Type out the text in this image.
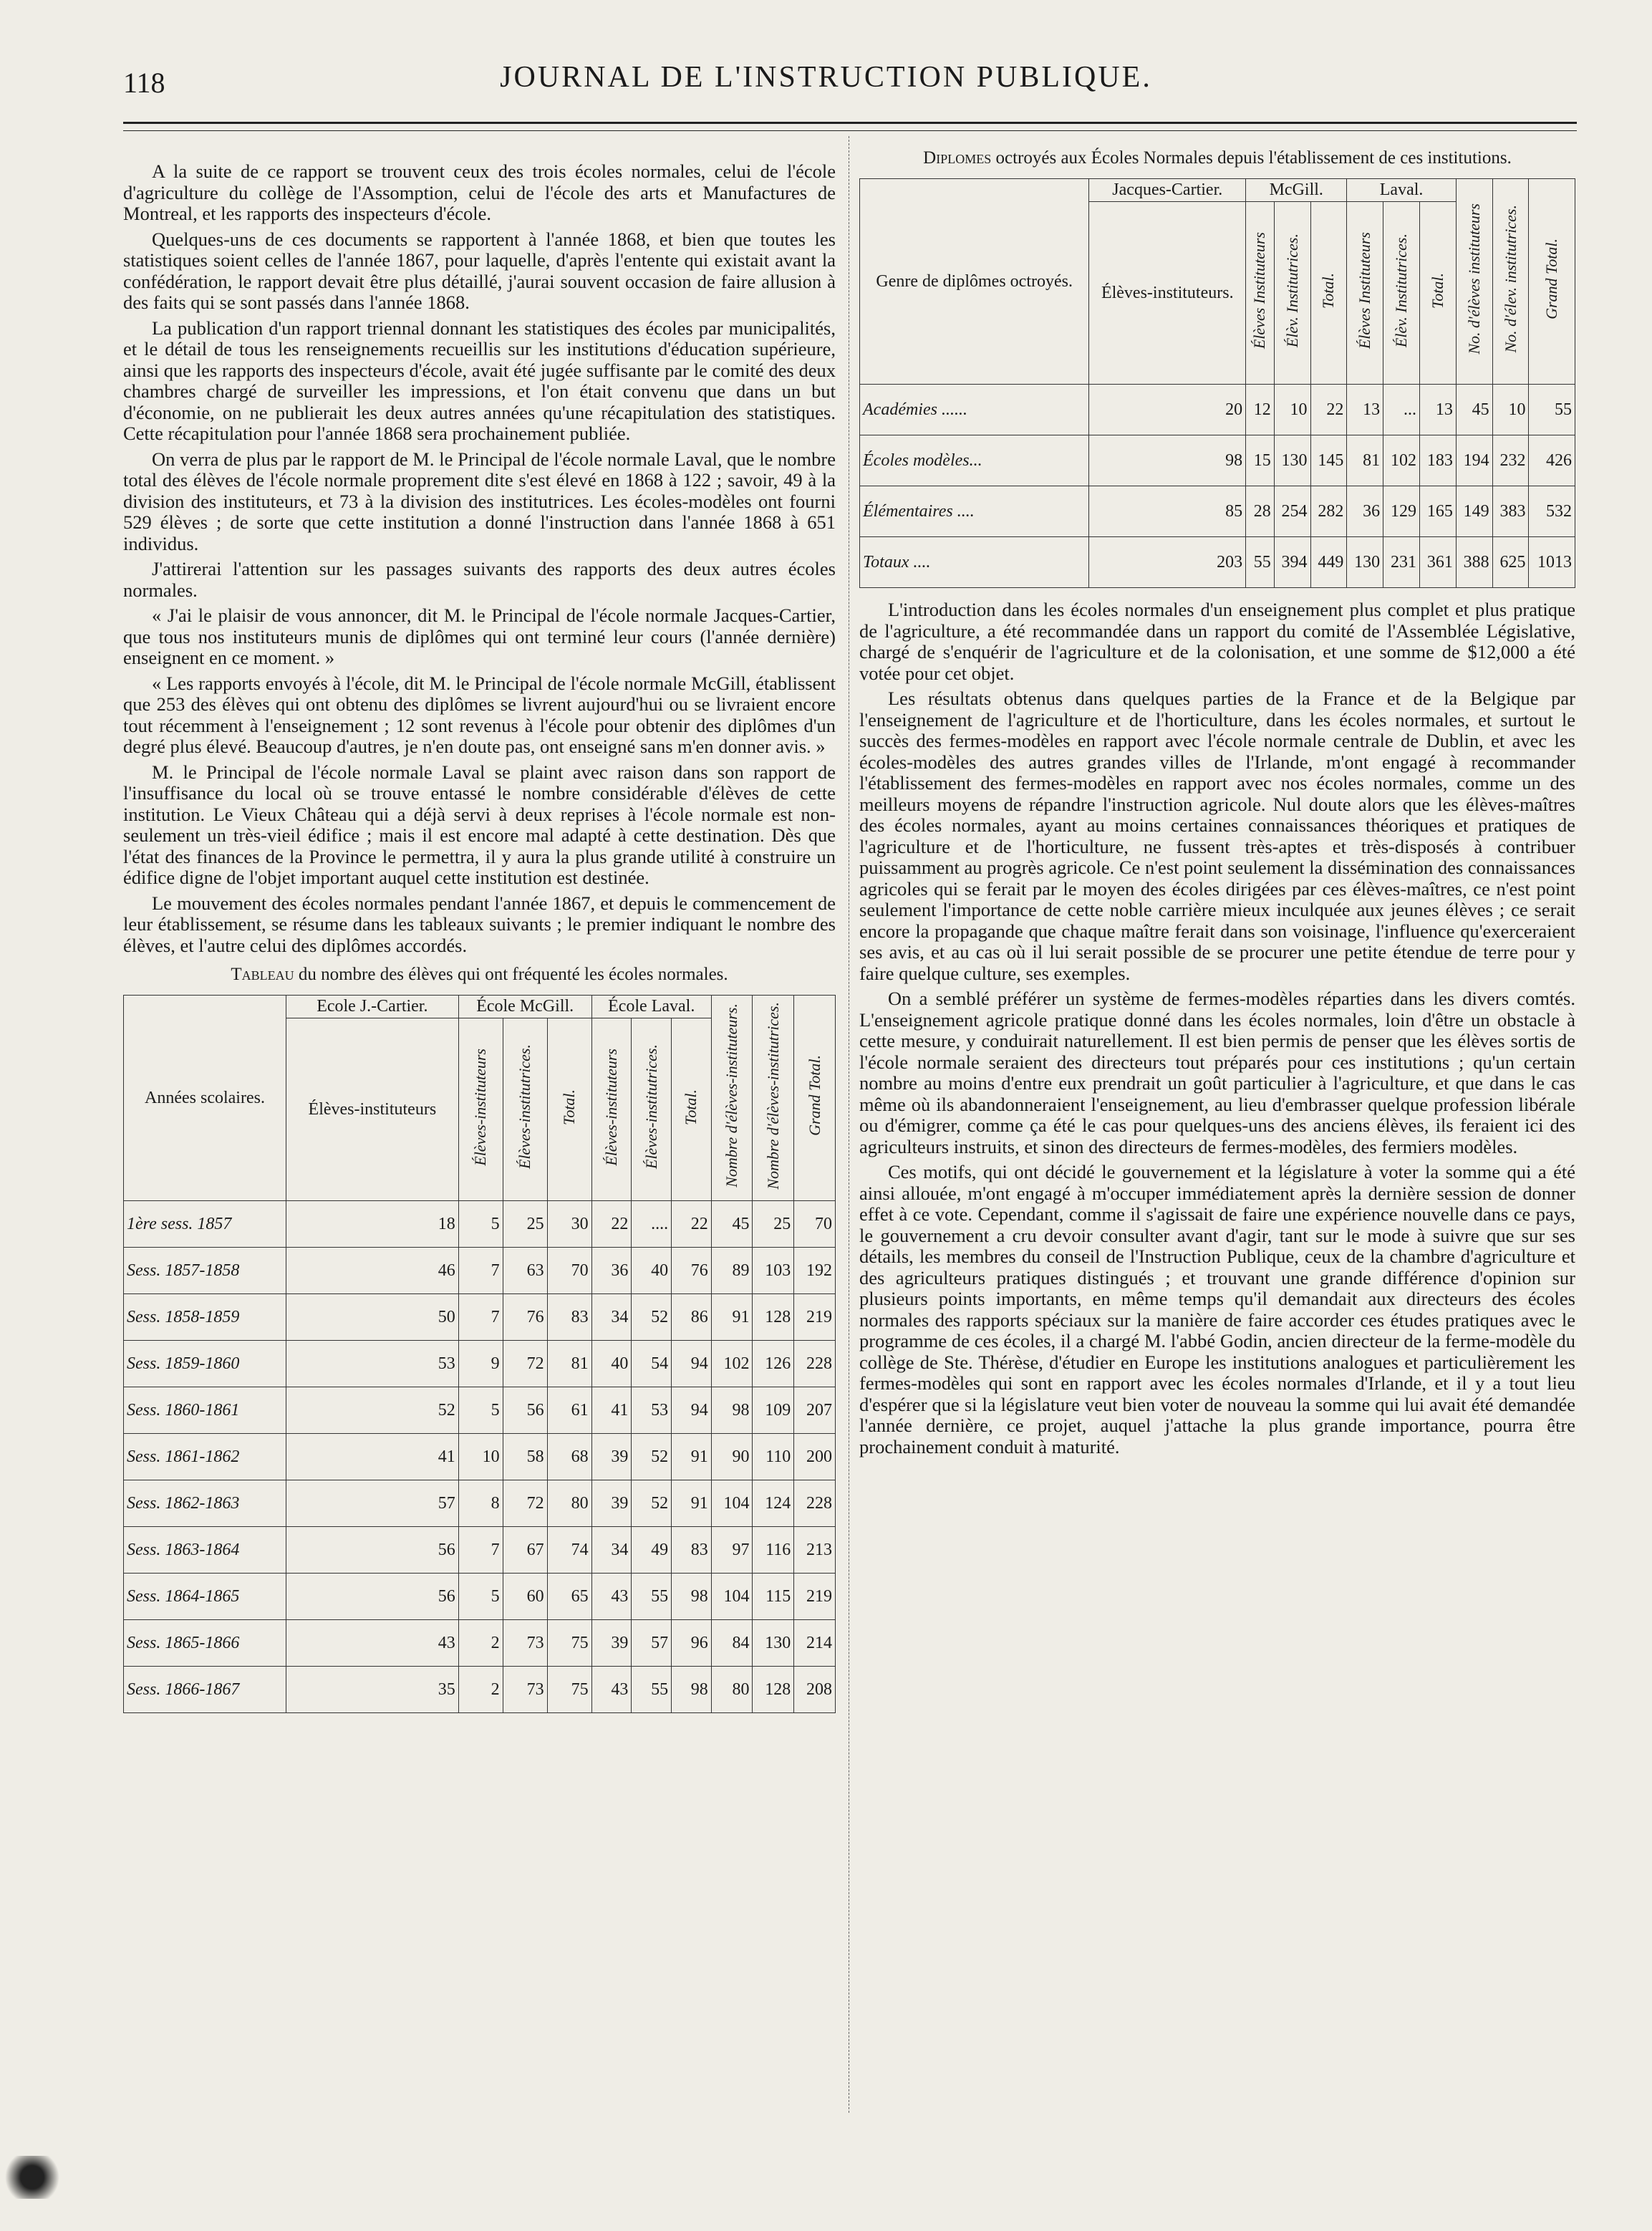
118	JOURNAL DE L'INSTRUCTION PUBLIQUE.

A la suite de ce rapport se trouvent ceux des trois écoles normales, celui de l'école d'agriculture du collège de l'Assomption, celui de l'école des arts et Manufactures de Montreal, et les rapports des inspecteurs d'école.

Quelques-uns de ces documents se rapportent à l'année 1868, et bien que toutes les statistiques soient celles de l'année 1867, pour laquelle, d'après l'entente qui existait avant la confédération, le rapport devait être plus détaillé, j'aurai souvent occasion de faire allusion à des faits qui se sont passés dans l'année 1868.

La publication d'un rapport triennal donnant les statistiques des écoles par municipalités, et le détail de tous les renseignements recueillis sur les institutions d'éducation supérieure, ainsi que les rapports des inspecteurs d'école, avait été jugée suffisante par le comité des deux chambres chargé de surveiller les impressions, et l'on était convenu que dans un but d'économie, on ne publierait les deux autres années qu'une récapitulation des statistiques. Cette récapitulation pour l'année 1868 sera prochainement publiée.

On verra de plus par le rapport de M. le Principal de l'école normale Laval, que le nombre total des élèves de l'école normale proprement dite s'est élevé en 1868 à 122 ; savoir, 49 à la division des instituteurs, et 73 à la division des institutrices. Les écoles-modèles ont fourni 529 élèves ; de sorte que cette institution a donné l'instruction dans l'année 1868 à 651 individus.

J'attirerai l'attention sur les passages suivants des rapports des deux autres écoles normales.

« J'ai le plaisir de vous annoncer, dit M. le Principal de l'école normale Jacques-Cartier, que tous nos instituteurs munis de diplômes qui ont terminé leur cours (l'année dernière) enseignent en ce moment. »

« Les rapports envoyés à l'école, dit M. le Principal de l'école normale McGill, établissent que 253 des élèves qui ont obtenu des diplômes se livrent aujourd'hui ou se livraient encore tout récemment à l'enseignement ; 12 sont revenus à l'école pour obtenir des diplômes d'un degré plus élevé. Beaucoup d'autres, je n'en doute pas, ont enseigné sans m'en donner avis. »

M. le Principal de l'école normale Laval se plaint avec raison dans son rapport de l'insuffisance du local où se trouve entassé le nombre considérable d'élèves de cette institution. Le Vieux Château qui a déjà servi à deux reprises à l'école normale est non-seulement un très-vieil édifice ; mais il est encore mal adapté à cette destination. Dès que l'état des finances de la Province le permettra, il y aura la plus grande utilité à construire un édifice digne de l'objet important auquel cette institution est destinée.

Le mouvement des écoles normales pendant l'année 1867, et depuis le commencement de leur établissement, se résume dans les tableaux suivants ; le premier indiquant le nombre des élèves, et l'autre celui des diplômes accordés.

Tableau du nombre des élèves qui ont fréquenté les écoles normales.
Années scolaires.	Ecole J.-Cartier.	École McGill.			École Laval.			Nombre d'élèves-instituteurs.	Nombre d'élèves-institutrices.	Grand Total.
	Élèves-instituteurs	Élèves-instituteurs	Élèves-institutrices.	Total.	Élèves-instituteurs	Élèves-institutrices.	Total.			
1ère sess. 1857	18	5	25	30	22	....	22	45	25	70
Sess. 1857-1858	46	7	63	70	36	40	76	89	103	192
Sess. 1858-1859	50	7	76	83	34	52	86	91	128	219
Sess. 1859-1860	53	9	72	81	40	54	94	102	126	228
Sess. 1860-1861	52	5	56	61	41	53	94	98	109	207
Sess. 1861-1862	41	10	58	68	39	52	91	90	110	200
Sess. 1862-1863	57	8	72	80	39	52	91	104	124	228
Sess. 1863-1864	56	7	67	74	34	49	83	97	116	213
Sess. 1864-1865	56	5	60	65	43	55	98	104	115	219
Sess. 1865-1866	43	2	73	75	39	57	96	84	130	214
Sess. 1866-1867	35	2	73	75	43	55	98	80	128	208
Diplomes octroyés aux Écoles Normales depuis l'établissement de ces institutions.
Genre de diplômes octroyés.	Jacques-Cartier.	McGill.			Laval.			No. d'élèves instituteurs	No. d'élev. institutrices.	Grand Total.
	Élèves-instituteurs.	Élèves Instituteurs	Élèv. Institutrices.	Total.	Élèves Instituteurs	Élèv. Institutrices.	Total.			
Académies ......	20	12	10	22	13	...	13	45	10	55
Écoles modèles...	98	15	130	145	81	102	183	194	232	426
Élémentaires ....	85	28	254	282	36	129	165	149	383	532
Totaux ....	203	55	394	449	130	231	361	388	625	1013

L'introduction dans les écoles normales d'un enseignement plus complet et plus pratique de l'agriculture, a été recommandée dans un rapport du comité de l'Assemblée Législative, chargé de s'enquérir de l'agriculture et de la colonisation, et une somme de $12,000 a été votée pour cet objet.

Les résultats obtenus dans quelques parties de la France et de la Belgique par l'enseignement de l'agriculture et de l'horticulture, dans les écoles normales, et surtout le succès des fermes-modèles en rapport avec l'école normale centrale de Dublin, et avec les écoles-modèles des autres grandes villes de l'Irlande, m'ont engagé à recommander l'établissement des fermes-modèles en rapport avec nos écoles normales, comme un des meilleurs moyens de répandre l'instruction agricole. Nul doute alors que les élèves-maîtres des écoles normales, ayant au moins certaines connaissances théoriques et pratiques de l'agriculture et de l'horticulture, ne fussent très-aptes et très-disposés à contribuer puissamment au progrès agricole. Ce n'est point seulement la dissémination des connaissances agricoles qui se ferait par le moyen des écoles dirigées par ces élèves-maîtres, ce n'est point seulement l'importance de cette noble carrière mieux inculquée aux jeunes élèves ; ce serait encore la propagande que chaque maître ferait dans son voisinage, l'influence qu'exerceraient ses avis, et au cas où il lui serait possible de se procurer une petite étendue de terre pour y faire quelque culture, ses exemples.

On a semblé préférer un système de fermes-modèles réparties dans les divers comtés. L'enseignement agricole pratique donné dans les écoles normales, loin d'être un obstacle à cette mesure, y conduirait naturellement. Il est bien permis de penser que les élèves sortis de l'école normale seraient des directeurs tout préparés pour ces institutions ; qu'un certain nombre au moins d'entre eux prendrait un goût particulier à l'agriculture, et que dans le cas même où ils abandonneraient l'enseignement, au lieu d'embrasser quelque profession libérale ou d'émigrer, comme ça été le cas pour quelques-uns des anciens élèves, ils feraient ici des agriculteurs instruits, et sinon des directeurs de fermes-modèles, des fermiers modèles.

Ces motifs, qui ont décidé le gouvernement et la législature à voter la somme qui a été ainsi allouée, m'ont engagé à m'occuper immédiatement après la dernière session de donner effet à ce vote. Cependant, comme il s'agissait de faire une expérience nouvelle dans ce pays, le gouvernement a cru devoir consulter avant d'agir, tant sur le mode à suivre que sur ses détails, les membres du conseil de l'Instruction Publique, ceux de la chambre d'agriculture et des agriculteurs pratiques distingués ; et trouvant une grande différence d'opinion sur plusieurs points importants, en même temps qu'il demandait aux directeurs des écoles normales des rapports spéciaux sur la manière de faire accorder ces études pratiques avec le programme de ces écoles, il a chargé M. l'abbé Godin, ancien directeur de la ferme-modèle du collège de Ste. Thérèse, d'étudier en Europe les institutions analogues et particulièrement les fermes-modèles qui sont en rapport avec les écoles normales d'Irlande, et il y a tout lieu d'espérer que si la législature veut bien voter de nouveau la somme qui lui avait été demandée l'année dernière, ce projet, auquel j'attache la plus grande importance, pourra être prochainement conduit à maturité.
